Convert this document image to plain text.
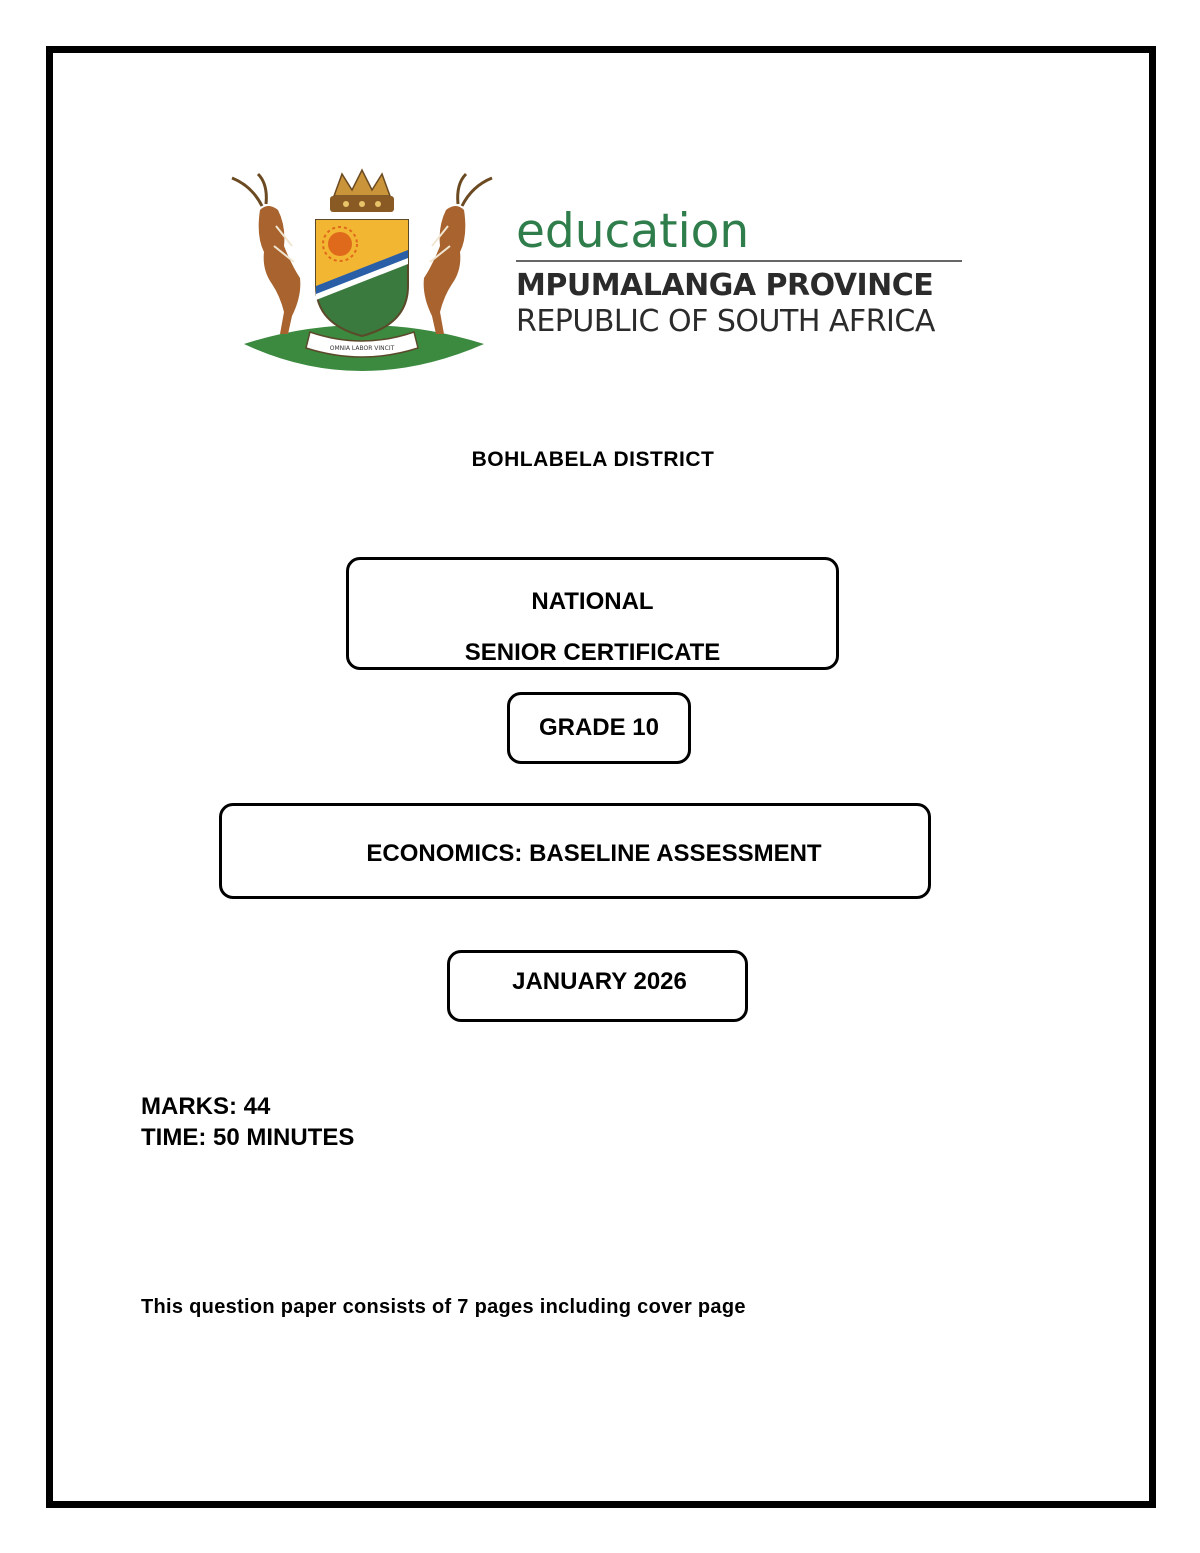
OMNIA LABOR VINCIT
education
MPUMALANGA PROVINCE
REPUBLIC OF SOUTH AFRICA
BOHLABELA DISTRICT
NATIONAL
SENIOR CERTIFICATE
GRADE 10
ECONOMICS: BASELINE ASSESSMENT
JANUARY 2026
MARKS: 44
TIME: 50 MINUTES
This question paper consists of 7 pages including cover page
